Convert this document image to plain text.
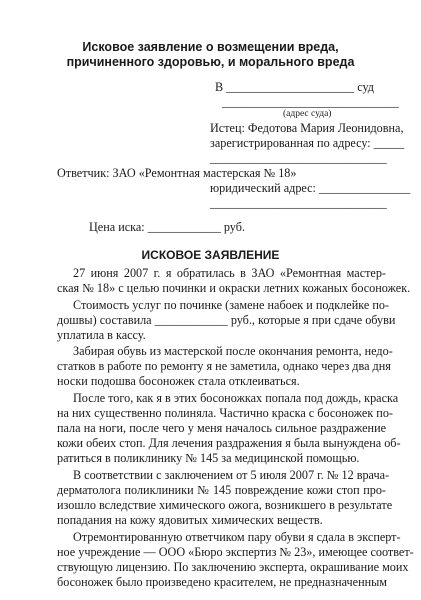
Исковое заявление о возмещении вреда,
причиненного здоровью, и морального вреда
В _____________________ суд
_____________________________
(адрес суда)
Истец: Федотова Мария Леонидовна,
зарегистрированная по адресу: _____
_____________________________
Ответчик: ЗАО «Ремонтная мастерская № 18»
юридический адрес: _______________
_____________________________
Цена иска: ____________ руб.
ИСКОВОЕ ЗАЯВЛЕНИЕ
27 июня 2007 г. я обратилась в ЗАО «Ремонтная мастер-
ская № 18» с целью починки и окраски летних кожаных босоножек.
Стоимость услуг по починке (замене набоек и подклейке по-
дошвы) составила ____________ руб., которые я при сдаче обуви
уплатила в кассу.
Забирая обувь из мастерской после окончания ремонта, недо-
статков в работе по ремонту я не заметила, однако через два дня
носки подошва босоножек стала отклеиваться.
После того, как я в этих босоножках попала под дождь, краска
на них существенно полиняла. Частично краска с босоножек по-
пала на ноги, после чего у меня началось сильное раздражение
кожи обеих стоп. Для лечения раздражения я была вынуждена об-
ратиться в поликлинику № 145 за медицинской помощью.
В соответствии с заключением от 5 июля 2007 г. № 12 врача-
дерматолога поликлиники № 145 повреждение кожи стоп про-
изошло вследствие химического ожога, возникшего в результате
попадания на кожу ядовитых химических веществ.
Отремонтированную ответчиком пару обуви я сдала в эксперт-
ное учреждение — ООО «Бюро экспертиз № 23», имеющее соответ-
ствующую лицензию. По заключению эксперта, окрашивание моих
босоножек было произведено красителем, не предназначенным
